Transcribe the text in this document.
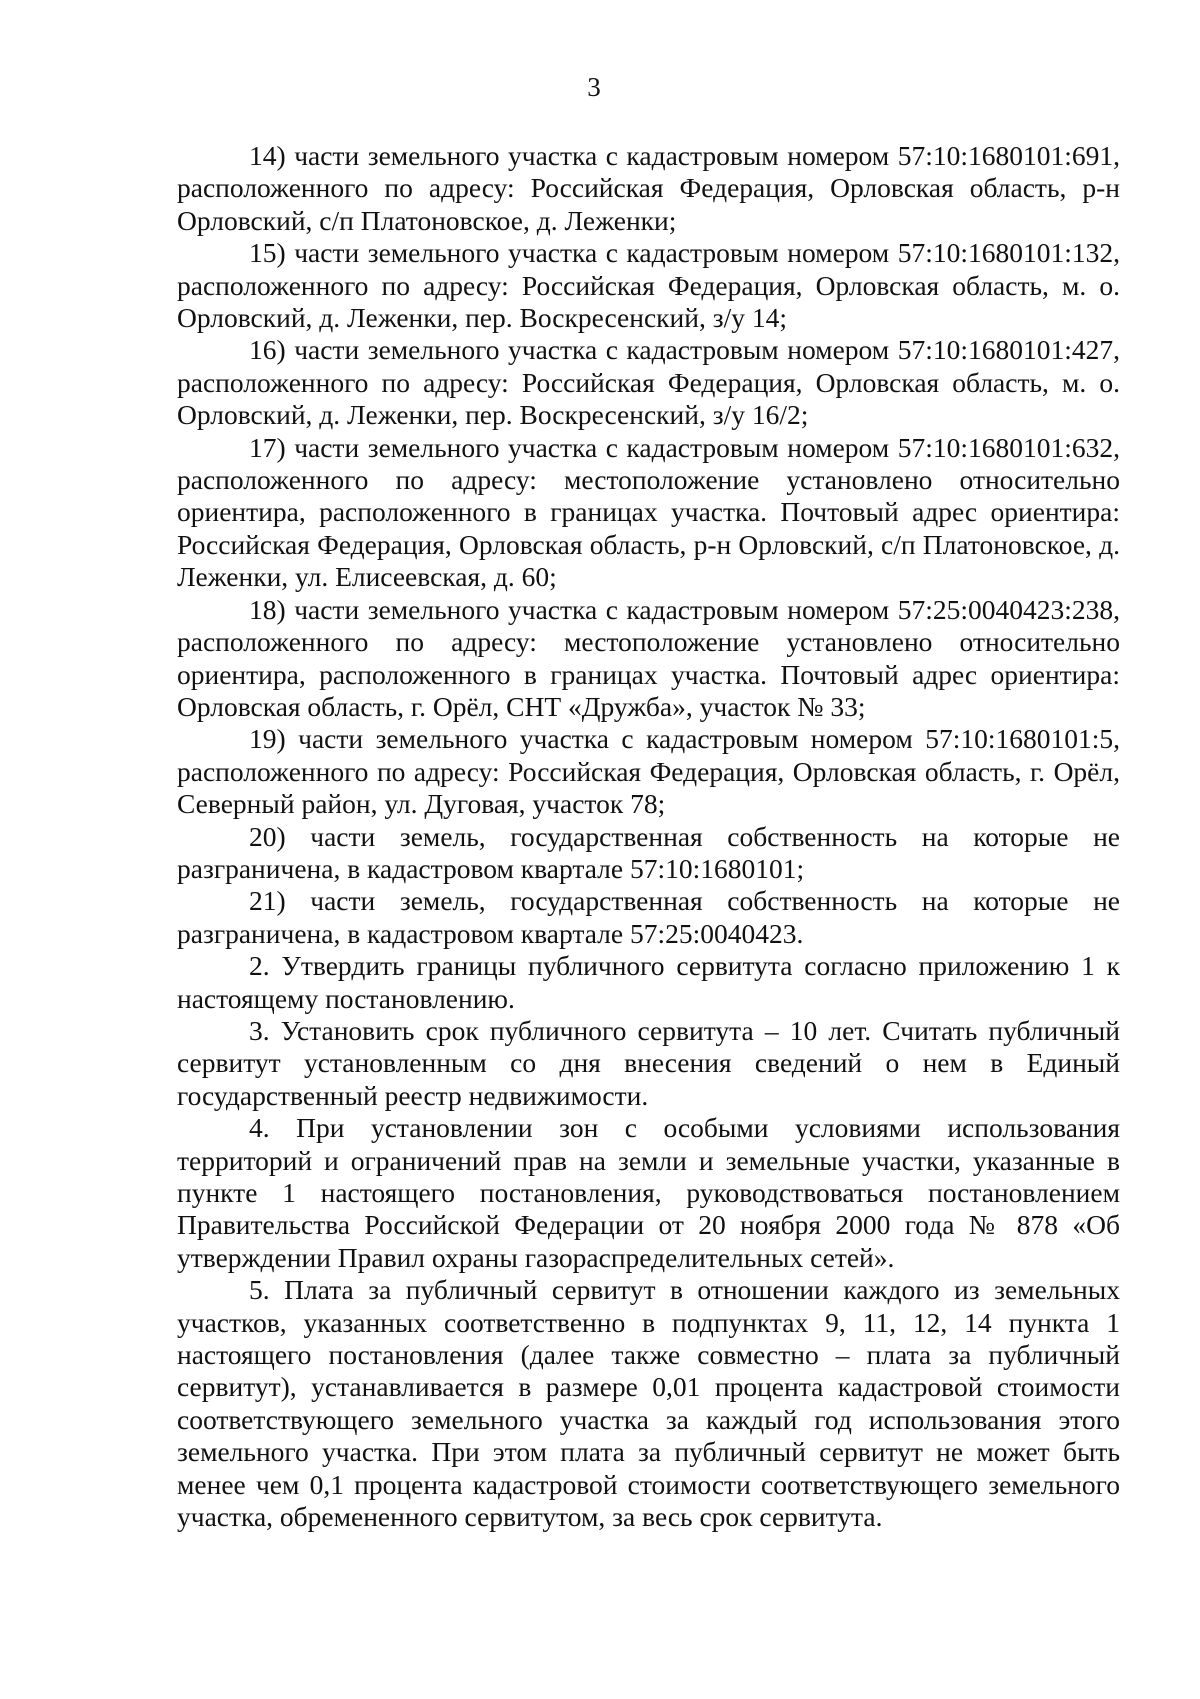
3

14) части земельного участка с кадастровым номером 57:10:1680101:691, расположенного по адресу: Российская Федерация, Орловская область, р-н Орловский, с/п Платоновское, д. Леженки;

15) части земельного участка с кадастровым номером 57:10:1680101:132, расположенного по адресу: Российская Федерация, Орловская область, м. о. Орловский, д. Леженки, пер. Воскресенский, з/у 14;

16) части земельного участка с кадастровым номером 57:10:1680101:427, расположенного по адресу: Российская Федерация, Орловская область, м. о. Орловский, д. Леженки, пер. Воскресенский, з/у 16/2;

17) части земельного участка с кадастровым номером 57:10:1680101:632, расположенного по адресу: местоположение установлено относительно ориентира, расположенного в границах участка. Почтовый адрес ориентира: Российская Федерация, Орловская область, р-н Орловский, с/п Платоновское, д. Леженки, ул. Елисеевская, д. 60;

18) части земельного участка с кадастровым номером 57:25:0040423:238, расположенного по адресу: местоположение установлено относительно ориентира, расположенного в границах участка. Почтовый адрес ориентира: Орловская область, г. Орёл, СНТ «Дружба», участок № 33;

19) части земельного участка с кадастровым номером 57:10:1680101:5, расположенного по адресу: Российская Федерация, Орловская область, г. Орёл, Северный район, ул. Дуговая, участок 78;

20) части земель, государственная собственность на которые не разграничена, в кадастровом квартале 57:10:1680101;

21) части земель, государственная собственность на которые не разграничена, в кадастровом квартале 57:25:0040423.

2. Утвердить границы публичного сервитута согласно приложению 1 к настоящему постановлению.

3. Установить срок публичного сервитута – 10 лет. Считать публичный сервитут установленным со дня внесения сведений о нем в Единый государственный реестр недвижимости.

4. При установлении зон с особыми условиями использования территорий и ограничений прав на земли и земельные участки, указанные в пункте 1 настоящего постановления, руководствоваться постановлением Правительства Российской Федерации от 20 ноября 2000 года № 878 «Об утверждении Правил охраны газораспределительных сетей».

5. Плата за публичный сервитут в отношении каждого из земельных участков, указанных соответственно в подпунктах 9, 11, 12, 14 пункта 1 настоящего постановления (далее также совместно – плата за публичный сервитут), устанавливается в размере 0,01 процента кадастровой стоимости соответствующего земельного участка за каждый год использования этого земельного участка. При этом плата за публичный сервитут не может быть менее чем 0,1 процента кадастровой стоимости соответствующего земельного участка, обремененного сервитутом, за весь срок сервитута.
